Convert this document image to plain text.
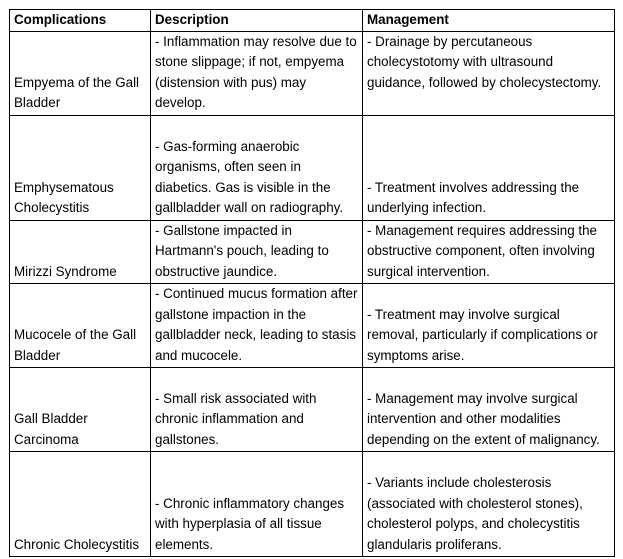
Complications	Description	Management
Empyema of the Gall Bladder	- Inflammation may resolve due to stone slippage; if not, empyema (distension with pus) may develop.	- Drainage by percutaneous cholecystotomy with ultrasound guidance, followed by cholecystectomy.
Emphysematous Cholecystitis	- Gas-forming anaerobic organisms, often seen in diabetics. Gas is visible in the gallbladder wall on radiography.	- Treatment involves addressing the underlying infection.
Mirizzi Syndrome	- Gallstone impacted in Hartmann's pouch, leading to obstructive jaundice.	- Management requires addressing the obstructive component, often involving surgical intervention.
Mucocele of the Gall Bladder	- Continued mucus formation after gallstone impaction in the gallbladder neck, leading to stasis and mucocele.	- Treatment may involve surgical removal, particularly if complications or symptoms arise.
Gall Bladder Carcinoma	- Small risk associated with chronic inflammation and gallstones.	- Management may involve surgical intervention and other modalities depending on the extent of malignancy.
Chronic Cholecystitis	- Chronic inflammatory changes with hyperplasia of all tissue elements.	- Variants include cholesterosis (associated with cholesterol stones), cholesterol polyps, and cholecystitis glandularis proliferans.
